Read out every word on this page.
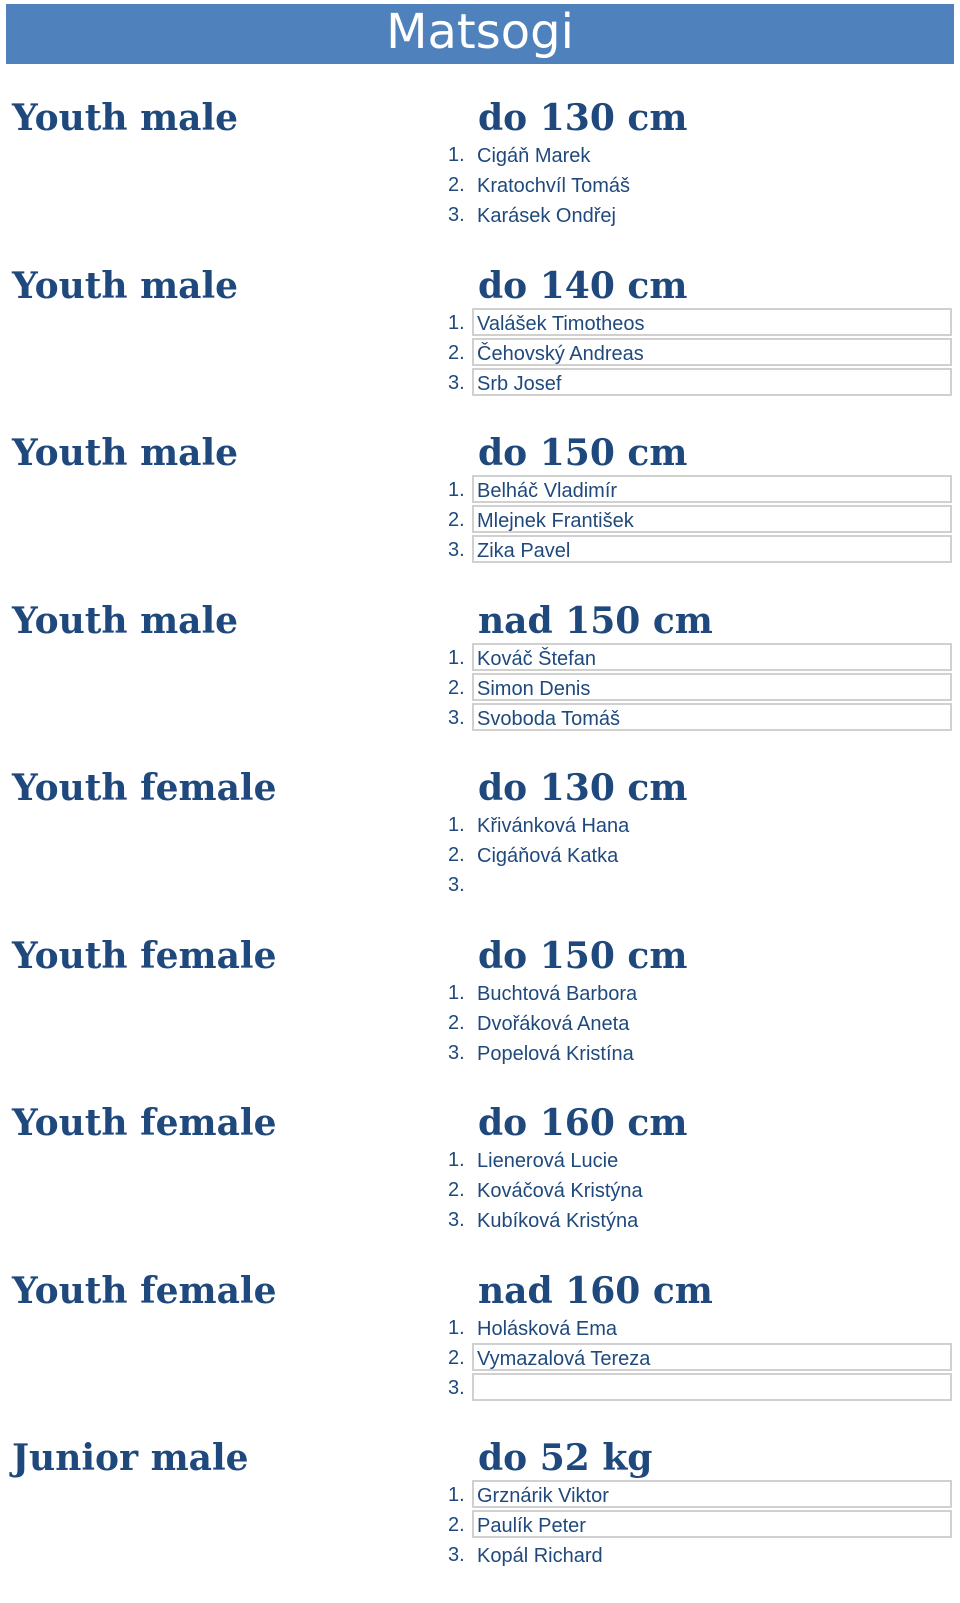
Matsogi
Youth male	do 130 cm
1. Cigáň Marek
2. Kratochvíl Tomáš
3. Karásek Ondřej
Youth male	do 140 cm
1. Valášek Timotheos
2. Čehovský Andreas
3. Srb Josef
Youth male	do 150 cm
1. Belháč Vladimír
2. Mlejnek František
3. Zika Pavel
Youth male	nad 150 cm
1. Kováč Štefan
2. Simon Denis
3. Svoboda Tomáš
Youth female	do 130 cm
1. Křivánková Hana
2. Cigáňová Katka
3.
Youth female	do 150 cm
1. Buchtová Barbora
2. Dvořáková Aneta
3. Popelová Kristína
Youth female	do 160 cm
1. Lienerová Lucie
2. Kováčová Kristýna
3. Kubíková Kristýna
Youth female	nad 160 cm
1. Holásková Ema
2. Vymazalová Tereza
3.
Junior male	do 52 kg
1. Grznárik Viktor
2. Paulík Peter
3. Kopál Richard
